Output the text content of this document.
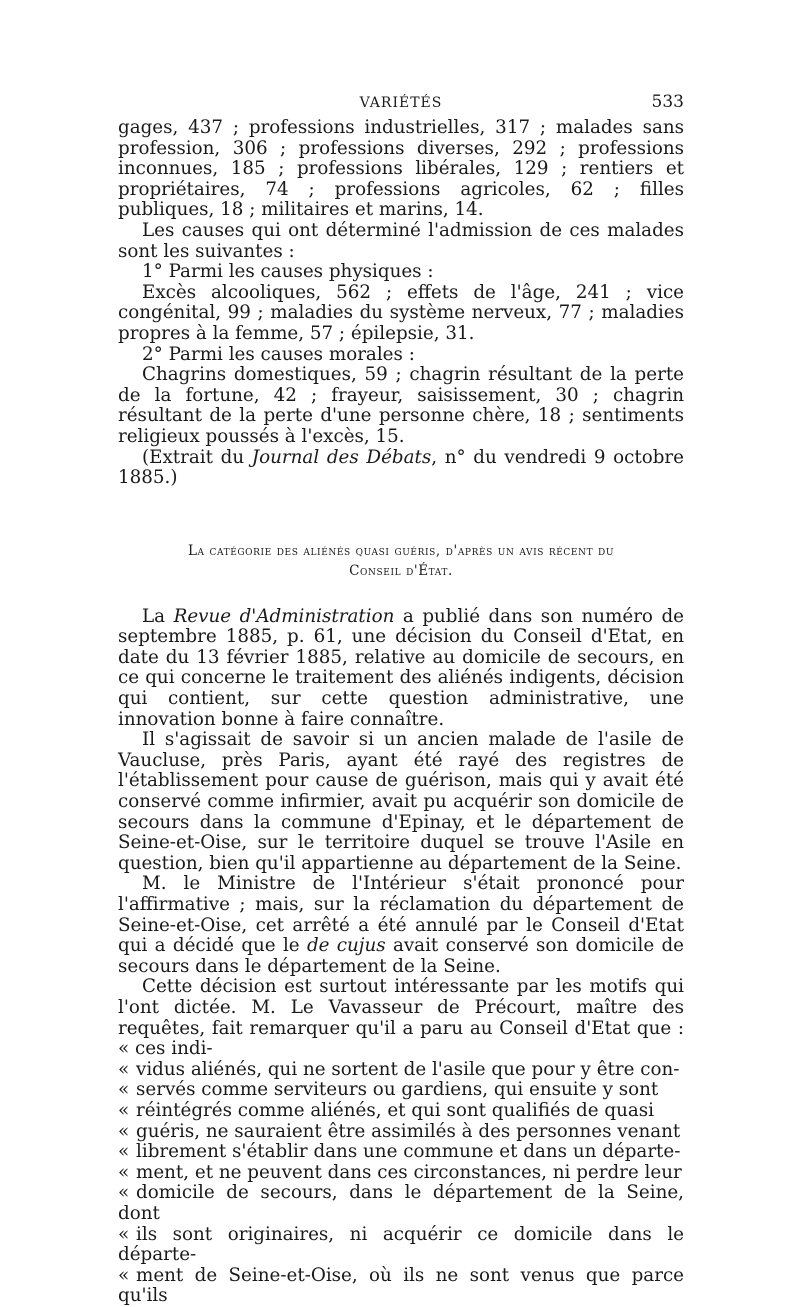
VARIÉTÉS	533

gages, 437 ; professions industrielles, 317 ; malades sans profession, 306 ; professions diverses, 292 ; professions inconnues, 185 ; professions libérales, 129 ; rentiers et propriétaires, 74 ; professions agricoles, 62 ; filles publiques, 18 ; militaires et marins, 14.

Les causes qui ont déterminé l'admission de ces malades sont les suivantes :

1° Parmi les causes physiques :

Excès alcooliques, 562 ; effets de l'âge, 241 ; vice congénital, 99 ; maladies du système nerveux, 77 ; maladies propres à la femme, 57 ; épilepsie, 31.

2° Parmi les causes morales :

Chagrins domestiques, 59 ; chagrin résultant de la perte de la fortune, 42 ; frayeur, saisissement, 30 ; chagrin résultant de la perte d'une personne chère, 18 ; sentiments religieux poussés à l'excès, 15.

(Extrait du Journal des Débats, n° du vendredi 9 octobre 1885.)

La catégorie des aliénés quasi guéris, d'après un avis récent du
Conseil d'État.

La Revue d'Administration a publié dans son numéro de septembre 1885, p. 61, une décision du Conseil d'Etat, en date du 13 février 1885, relative au domicile de secours, en ce qui concerne le traitement des aliénés indigents, décision qui contient, sur cette question administrative, une innovation bonne à faire connaître.

Il s'agissait de savoir si un ancien malade de l'asile de Vaucluse, près Paris, ayant été rayé des registres de l'établissement pour cause de guérison, mais qui y avait été conservé comme infirmier, avait pu acquérir son domicile de secours dans la commune d'Epinay, et le département de Seine-et-Oise, sur le territoire duquel se trouve l'Asile en question, bien qu'il appartienne au département de la Seine.

M. le Ministre de l'Intérieur s'était prononcé pour l'affirmative ; mais, sur la réclamation du département de Seine-et-Oise, cet arrêté a été annulé par le Conseil d'Etat qui a décidé que le de cujus avait conservé son domicile de secours dans le département de la Seine.

Cette décision est surtout intéressante par les motifs qui l'ont dictée. M. Le Vavasseur de Précourt, maître des requêtes, fait remarquer qu'il a paru au Conseil d'Etat que : « ces indi-

« vidus aliénés, qui ne sortent de l'asile que pour y être con-

« servés comme serviteurs ou gardiens, qui ensuite y sont

« réintégrés comme aliénés, et qui sont qualifiés de quasi

« guéris, ne sauraient être assimilés à des personnes venant

« librement s'établir dans une commune et dans un départe-

« ment, et ne peuvent dans ces circonstances, ni perdre leur

« domicile de secours, dans le département de la Seine, dont

« ils sont originaires, ni acquérir ce domicile dans le départe-

« ment de Seine-et-Oise, où ils ne sont venus que parce qu'ils
